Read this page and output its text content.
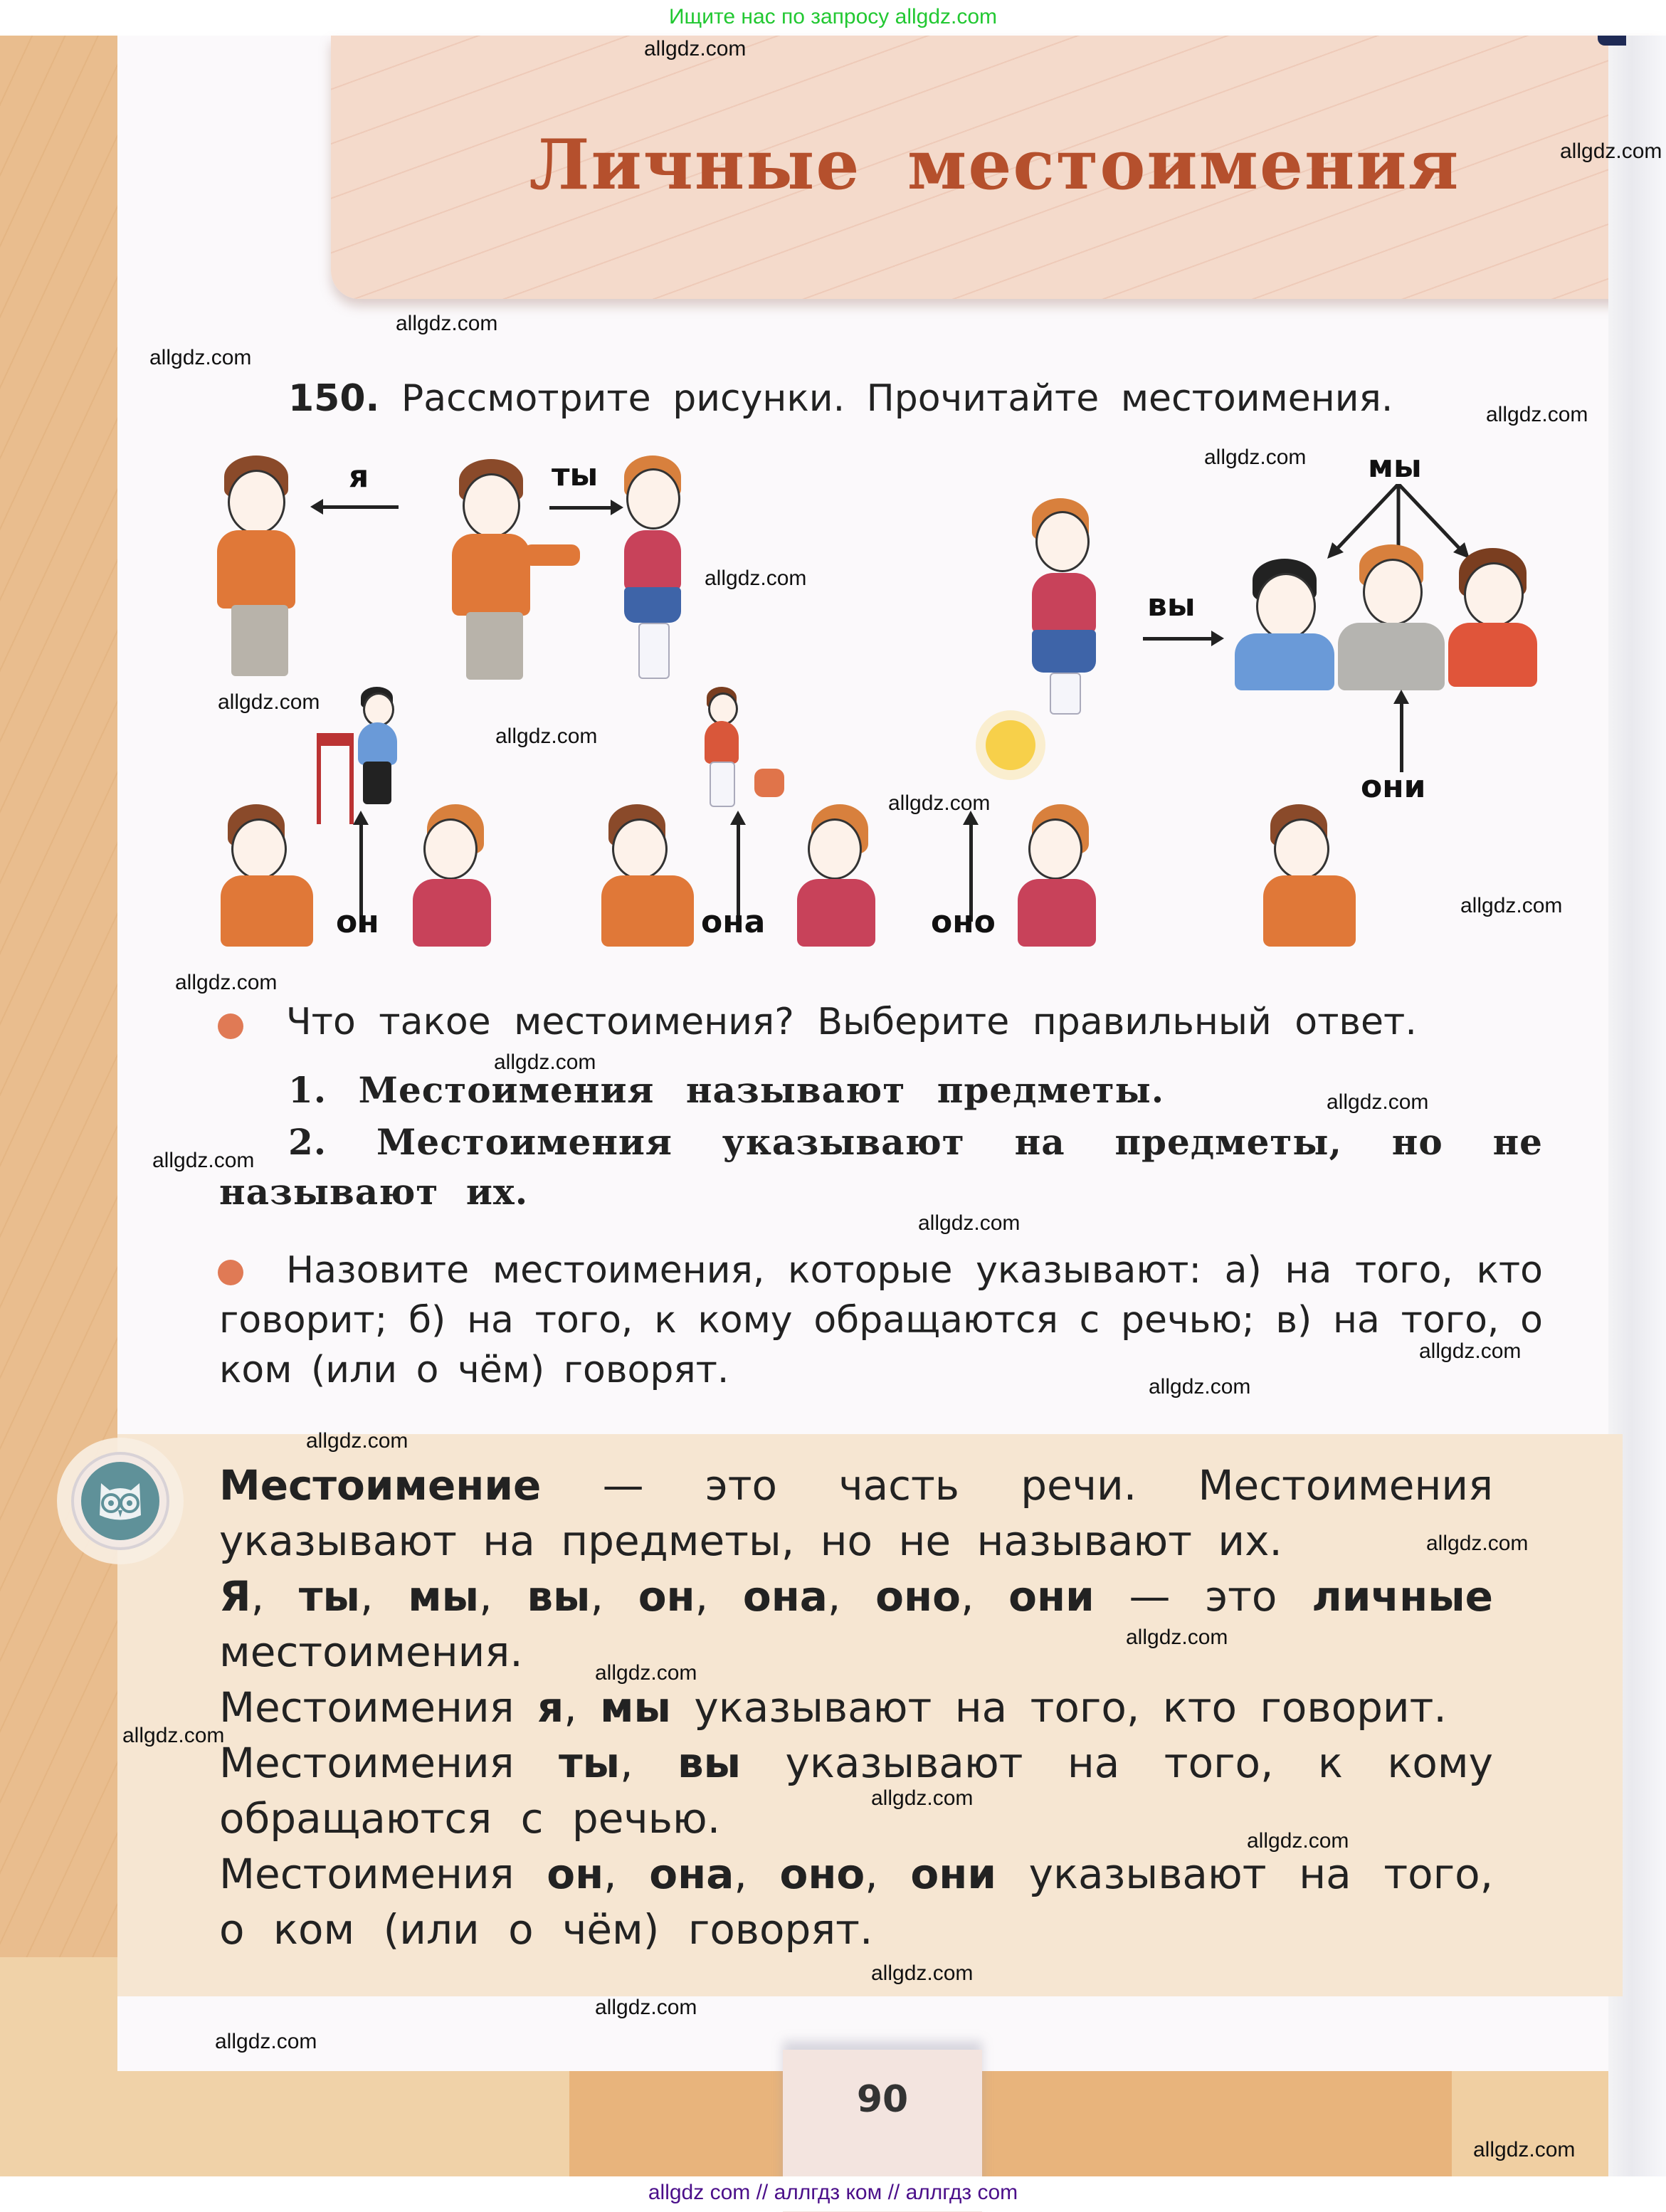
Ищите нас по запросу allgdz.com
Личные местоимения
90
150. Рассмотрите рисунки. Прочитайте местоимения.
я	ты
вы
мы
он	она	оно
они
Что такое местоимения? Выберите правильный ответ.
1. Местоимения называют предметы.
2. Местоимения указывают на предметы, но не называют их.
Назовите местоимения, которые указывают: а) на того, кто говорит; б) на того, к кому обращаются с речью; в) на того, о ком (или о чём) говорят.
Местоимение — это часть речи. Местоимения указывают на предметы, но не называют их.
Я, ты, мы, вы, он, она, оно, они — это личные местоимения.
Местоимения я, мы указывают на того, кто говорит.
Местоимения ты, вы указывают на того, к кому обращаются с речью.
Местоимения он, она, оно, они указывают на того, о ком (или о чём) говорят.
allgdz.com
allgdz.com
allgdz.com
allgdz.com
allgdz.com
allgdz.com
allgdz.com
allgdz.com
allgdz.com
allgdz.com
allgdz.com
allgdz.com
allgdz.com
allgdz.com
allgdz.com
allgdz.com
allgdz.com
allgdz.com
allgdz.com
allgdz.com
allgdz.com
allgdz.com
allgdz.com
allgdz.com
allgdz.com
allgdz.com
allgdz.com
allgdz.com
allgdz.com
allgdz com // аллгдз ком // аллгдз com
